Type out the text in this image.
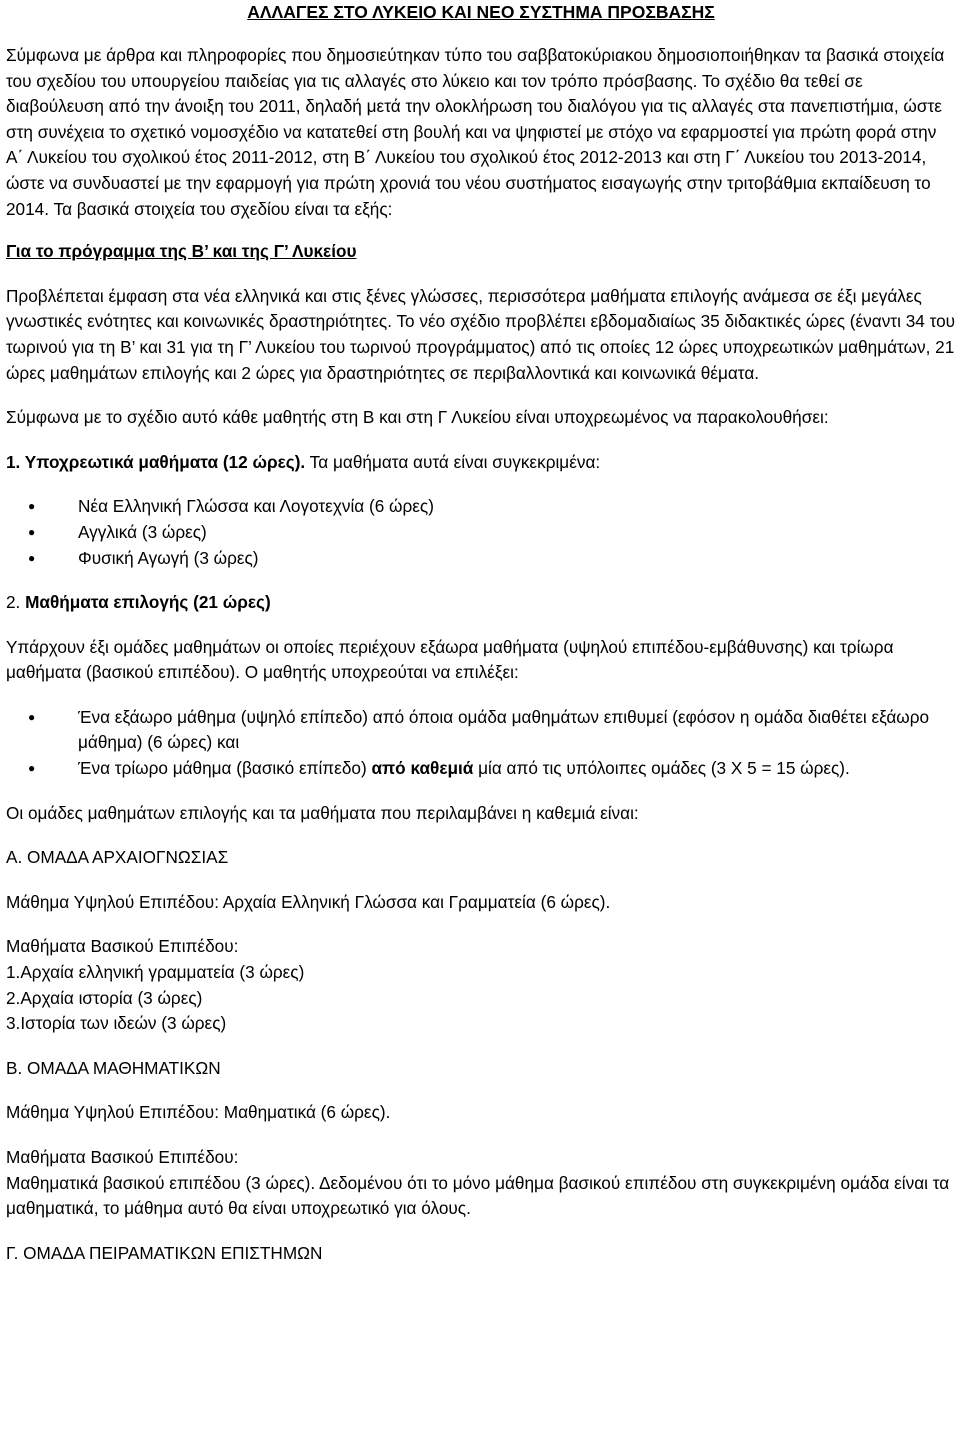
ΑΛΛΑΓΕΣ ΣΤΟ ΛΥΚΕΙΟ ΚΑΙ ΝΕΟ ΣΥΣΤΗΜΑ ΠΡΟΣΒΑΣΗΣ

Σύμφωνα με άρθρα και πληροφορίες που δημοσιεύτηκαν τύπο του σαββατοκύριακου δημοσιοποιήθηκαν τα βασικά στοιχεία του σχεδίου του υπουργείου παιδείας για τις αλλαγές στο λύκειο και τον τρόπο πρόσβασης. Το σχέδιο θα τεθεί σε διαβούλευση από την άνοιξη του 2011, δηλαδή μετά την ολοκλήρωση του διαλόγου για τις αλλαγές στα πανεπιστήμια, ώστε στη συνέχεια το σχετικό νομοσχέδιο να κατατεθεί στη βουλή και να ψηφιστεί με στόχο να εφαρμοστεί για πρώτη φορά στην Α΄ Λυκείου του σχολικού έτος 2011-2012, στη Β΄ Λυκείου του σχολικού έτος 2012-2013 και στη Γ΄ Λυκείου του 2013-2014, ώστε να συνδυαστεί με την εφαρμογή για πρώτη χρονιά του νέου συστήματος εισαγωγής στην τριτοβάθμια εκπαίδευση το 2014. Τα βασικά στοιχεία του σχεδίου είναι τα εξής:

Για το πρόγραμμα της Β’ και της Γ’ Λυκείου

Προβλέπεται έμφαση στα νέα ελληνικά και στις ξένες γλώσσες, περισσότερα μαθήματα επιλογής ανάμεσα σε έξι μεγάλες γνωστικές ενότητες και κοινωνικές δραστηριότητες. Το νέο σχέδιο προβλέπει εβδομαδιαίως 35 διδακτικές ώρες (έναντι 34 του τωρινού για τη Β’ και 31 για τη Γ’ Λυκείου του τωρινού προγράμματος) από τις οποίες 12 ώρες υποχρεωτικών μαθημάτων, 21 ώρες μαθημάτων επιλογής και 2 ώρες για δραστηριότητες σε περιβαλλοντικά και κοινωνικά θέματα.

Σύμφωνα με το σχέδιο αυτό κάθε μαθητής στη Β και στη Γ Λυκείου είναι υποχρεωμένος να παρακολουθήσει:

1. Υποχρεωτικά μαθήματα (12 ώρες). Τα μαθήματα αυτά είναι συγκεκριμένα:

● Νέα Ελληνική Γλώσσα και Λογοτεχνία (6 ώρες)
● Αγγλικά (3 ώρες)
● Φυσική Αγωγή (3 ώρες)

2. Μαθήματα επιλογής (21 ώρες)

Υπάρχουν έξι ομάδες μαθημάτων οι οποίες περιέχουν εξάωρα μαθήματα (υψηλού επιπέδου-εμβάθυνσης) και τρίωρα μαθήματα (βασικού επιπέδου). Ο μαθητής υποχρεούται να επιλέξει:

● Ένα εξάωρο μάθημα (υψηλό επίπεδο) από όποια ομάδα μαθημάτων επιθυμεί (εφόσον η ομάδα διαθέτει εξάωρο μάθημα) (6 ώρες) και
● Ένα τρίωρο μάθημα (βασικό επίπεδο) από καθεμιά μία από τις υπόλοιπες ομάδες (3 Χ 5 = 15 ώρες).

Οι ομάδες μαθημάτων επιλογής και τα μαθήματα που περιλαμβάνει η καθεμιά είναι:

Α. ΟΜΑΔΑ ΑΡΧΑΙΟΓΝΩΣΙΑΣ

Μάθημα Υψηλού Επιπέδου: Αρχαία Ελληνική Γλώσσα και Γραμματεία (6 ώρες).

Μαθήματα Βασικού Επιπέδου:

1.Αρχαία ελληνική γραμματεία (3 ώρες)

2.Αρχαία ιστορία (3 ώρες)

3.Ιστορία των ιδεών (3 ώρες)

Β. ΟΜΑΔΑ ΜΑΘΗΜΑΤΙΚΩΝ

Μάθημα Υψηλού Επιπέδου: Μαθηματικά (6 ώρες).

Μαθήματα Βασικού Επιπέδου:

Μαθηματικά βασικού επιπέδου (3 ώρες). Δεδομένου ότι το μόνο μάθημα βασικού επιπέδου στη συγκεκριμένη ομάδα είναι τα μαθηματικά, το μάθημα αυτό θα είναι υποχρεωτικό για όλους.

Γ. ΟΜΑΔΑ ΠΕΙΡΑΜΑΤΙΚΩΝ ΕΠΙΣΤΗΜΩΝ
